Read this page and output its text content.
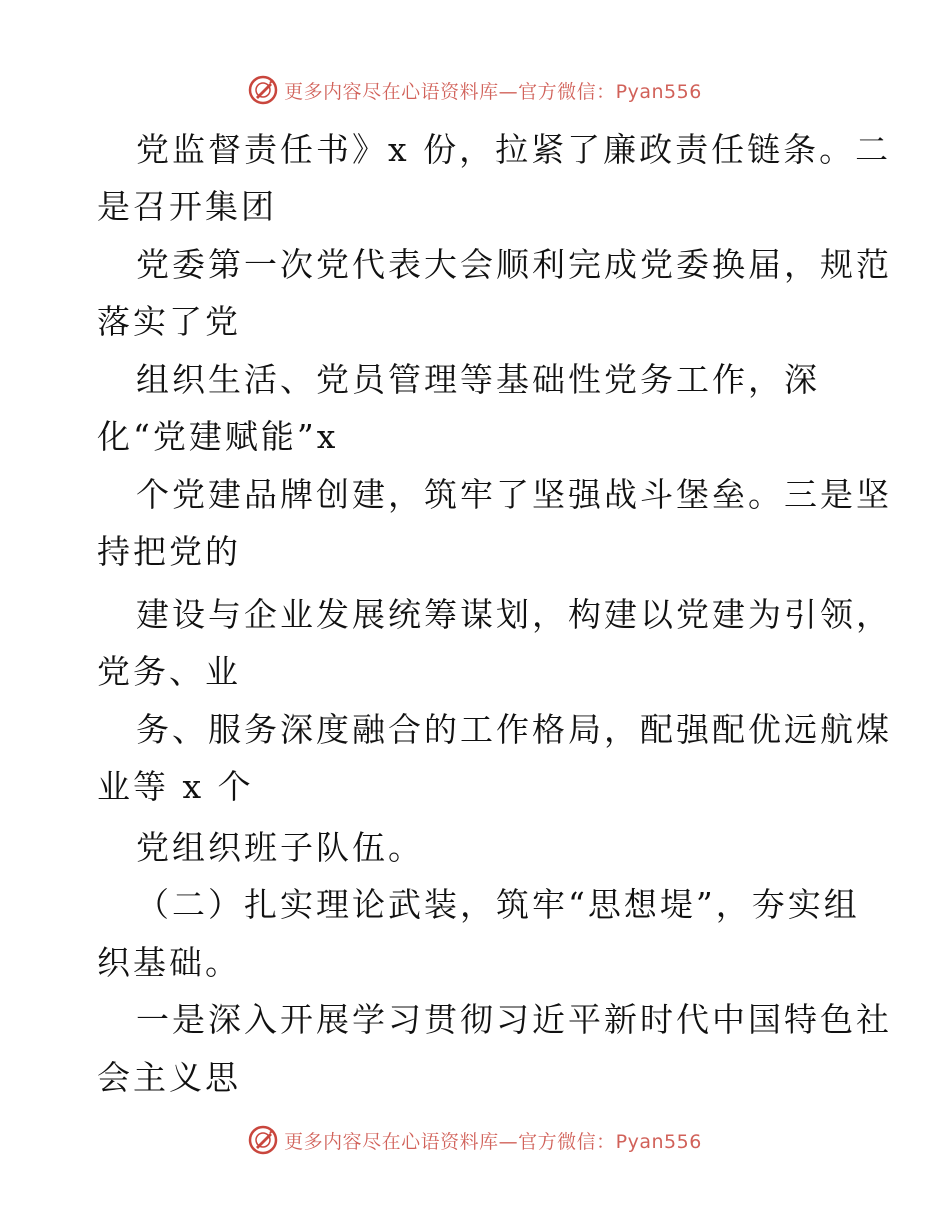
更多内容尽在心语资料库—官方微信：Pyan556
党监督责任书》x 份，拉紧了廉政责任链条。二
是召开集团
党委第一次党代表大会顺利完成党委换届，规范
落实了党
组织生活、党员管理等基础性党务工作，深
化“党建赋能”x
个党建品牌创建，筑牢了坚强战斗堡垒。三是坚
持把党的
建设与企业发展统筹谋划，构建以党建为引领，
党务、业
务、服务深度融合的工作格局，配强配优远航煤
业等 x 个
党组织班子队伍。
（二）扎实理论武装，筑牢“思想堤”，夯实组
织基础。
一是深入开展学习贯彻习近平新时代中国特色社
会主义思
更多内容尽在心语资料库—官方微信：Pyan556
